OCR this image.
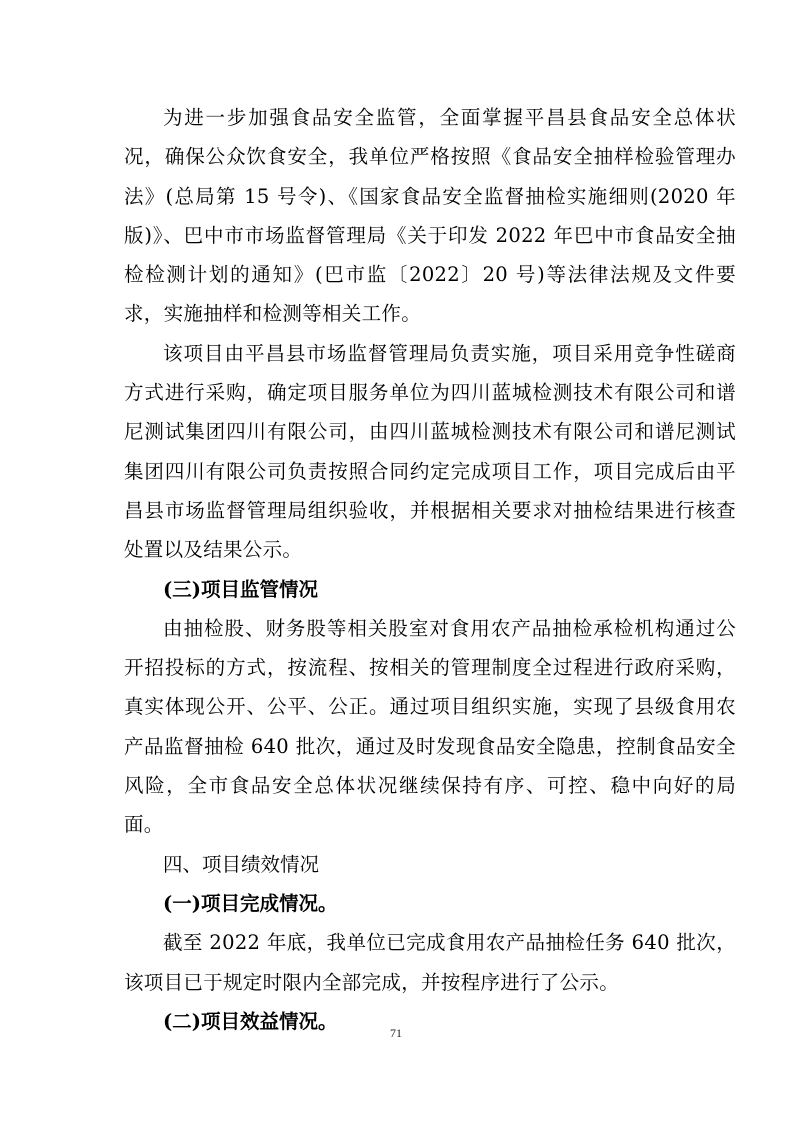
为进一步加强食品安全监管，全面掌握平昌县食品安全总体状况，确保公众饮食安全，我单位严格按照《食品安全抽样检验管理办法》(总局第 15 号令)、《国家食品安全监督抽检实施细则(2020 年版)》、巴中市市场监督管理局《关于印发 2022 年巴中市食品安全抽检检测计划的通知》(巴市监〔2022〕20 号)等法律法规及文件要求，实施抽样和检测等相关工作。

该项目由平昌县市场监督管理局负责实施，项目采用竞争性磋商方式进行采购，确定项目服务单位为四川蓝城检测技术有限公司和谱尼测试集团四川有限公司，由四川蓝城检测技术有限公司和谱尼测试集团四川有限公司负责按照合同约定完成项目工作，项目完成后由平昌县市场监督管理局组织验收，并根据相关要求对抽检结果进行核查处置以及结果公示。

(三)项目监管情况

由抽检股、财务股等相关股室对食用农产品抽检承检机构通过公开招投标的方式，按流程、按相关的管理制度全过程进行政府采购，真实体现公开、公平、公正。通过项目组织实施，实现了县级食用农产品监督抽检 640 批次，通过及时发现食品安全隐患，控制食品安全风险，全市食品安全总体状况继续保持有序、可控、稳中向好的局面。

四、项目绩效情况

(一)项目完成情况。

截至 2022 年底，我单位已完成食用农产品抽检任务 640 批次，该项目已于规定时限内全部完成，并按程序进行了公示。

(二)项目效益情况。

71
